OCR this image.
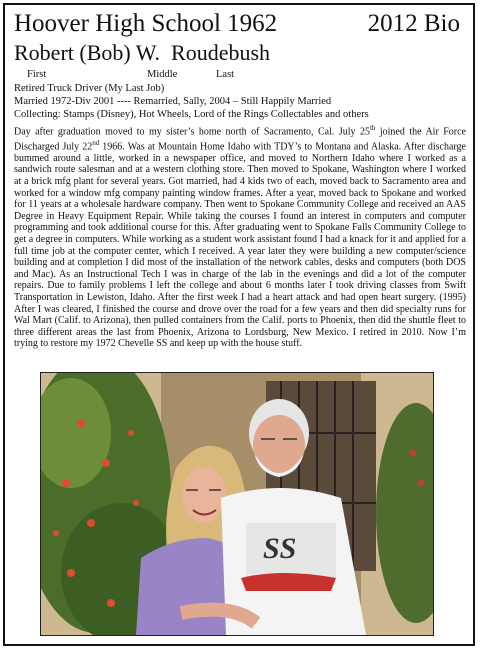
Hoover High School 1962	2012 Bio
Robert (Bob) W.  Roudebush
First	Middle	Last
Retired Truck Driver (My Last Job)
Married 1972-Div 2001 ---- Remarried, Sally, 2004 – Still Happily Married
Collecting: Stamps (Disney), Hot Wheels, Lord of the Rings Collectables and others
Day after graduation moved to my sister’s home north of Sacramento, Cal. July 25th joined the Air Force Discharged July 22nd 1966. Was at Mountain Home Idaho with TDY’s to Montana and Alaska. After discharge bummed around a little, worked in a newspaper office, and moved to Northern Idaho where I worked as a sandwich route salesman and at a western clothing store. Then moved to Spokane, Washington where I worked at a brick mfg plant for several years. Got married, had 4 kids two of each, moved back to Sacramento area and worked for a window mfg company painting window frames. After a year, moved back to Spokane and worked for 11 years at a wholesale hardware company. Then went to Spokane Community College and received an AAS Degree in Heavy Equipment Repair. While taking the courses I found an interest in computers and computer programming and took additional course for this. After graduating went to Spokane Falls Community College to get a degree in computers. While working as a student work assistant found I had a knack for it and applied for a full time job at the computer center, which I received. A year later they were building a new computer/science building and at completion I did most of the installation of the network cables, desks and computers (both DOS and Mac). As an Instructional Tech I was in charge of the lab in the evenings and did a lot of the computer repairs. Due to family problems I left the college and about 6 months later I took driving classes from Swift Transportation in Lewiston, Idaho. After the first week I had a heart attack and had open heart surgery. (1995) After I was cleared, I finished the course and drove over the road for a few years and then did specialty runs for Wal Mart (Calif. to Arizona), then pulled containers from the Calif. ports to Phoenix, then did the shuttle fleet to three different areas the last from Phoenix, Arizona to Lordsburg, New Mexico. I retired in 2010. Now I’m trying to restore my 1972 Chevelle SS and keep up with the house stuff.
SS
